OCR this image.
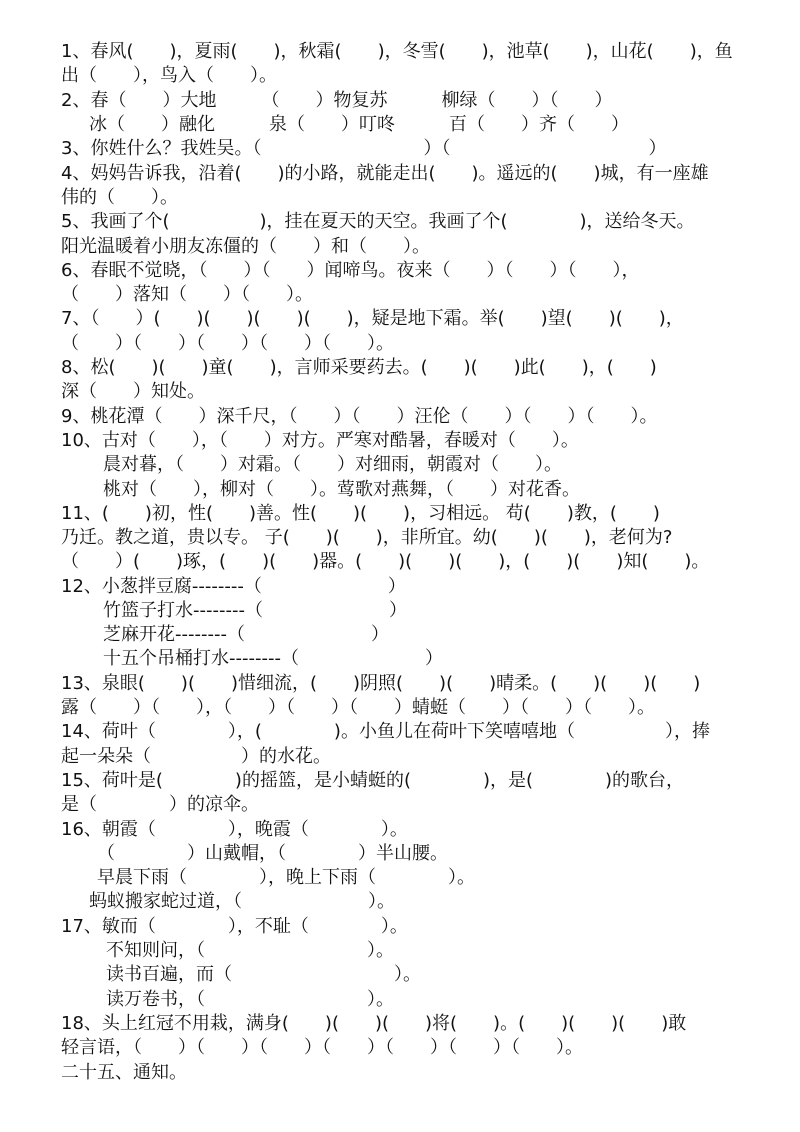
1、春风(　　)，夏雨(　　)，秋霜(　　)，冬雪(　　)，池草(　　)，山花(　　)，鱼
出（　　），鸟入（　　）。
2、春（　　）大地　　　（　　）物复苏　　　柳绿（　　）（　　）
冰（　　）融化　　　泉（　　）叮咚　　　百（　　）齐（　　）
3、你姓什么？我姓吴。（　　　　　　　　　）（　　　　　　　　　　　）
4、妈妈告诉我，沿着(　　)的小路，就能走出(　　)。遥远的(　　)城，有一座雄
伟的（　　）。
5、我画了个(　　　　　)，挂在夏天的天空。我画了个(　　　　)，送给冬天。
阳光温暖着小朋友冻僵的（　　）和（　　）。
6、春眠不觉晓，（　　）（　　）闻啼鸟。夜来（　　）（　　）（　　），
（　　）落知（　　）（　　）。
7、（　　）(　　)(　　)(　　)(　　)，疑是地下霜。举(　　)望(　　)(　　)，
（　　）（　　）（　　）（　　）（　　）。
8、松(　　)(　　)童(　　)，言师采要药去。(　　)(　　)此(　　)，(　　)
深（　　）知处。
9、桃花潭（　　）深千尺，（　　）（　　）汪伦（　　）（　　）（　　）。
10、古对（　　），（　　）对方。严寒对酷暑，春暖对（　　）。
晨对暮，（　　）对霜。（　　）对细雨，朝霞对（　　）。
桃对（　　），柳对（　　）。莺歌对燕舞，（　　）对花香。
11、(　　)初，性(　　)善。性(　　)(　　)，习相远。 苟(　　)教，(　　)
乃迁。教之道，贵以专。 子(　　)(　　)，非所宜。幼(　　)(　　)，老何为?
（　　）(　　)琢，(　　)(　　)器。(　　)(　　)(　　)，(　　)(　　)知(　　)。
12、小葱拌豆腐--------（　　　　　　　）
竹篮子打水--------（　　　　　　　）
芝麻开花--------（　　　　　　　）
十五个吊桶打水--------（　　　　　　　）
13、泉眼(　　)(　　)惜细流，(　　)阴照(　　)(　　)晴柔。(　　)(　　)(　　)
露（　　）（　　），（　　）（　　）（　　）蜻蜓（　　）（　　）（　　）。
14、荷叶（　　　　），(　　　　)。小鱼儿在荷叶下笑嘻嘻地（　　　　　），捧
起一朵朵（　　　　　）的水花。
15、荷叶是(　　　　)的摇篮，是小蜻蜓的(　　　　)，是(　　　　)的歌台，
是（　　　　）的凉伞。
16、朝霞（　　　　），晚霞（　　　　）。
（　　　　）山戴帽，（　　　　）半山腰。
早晨下雨（　　　　），晚上下雨（　　　　）。
蚂蚁搬家蛇过道，（　　　　　　　）。
17、敏而（　　　　），不耻（　　　　）。
不知则问，（　　　　　　　　　）。
读书百遍，而（　　　　　　　　　）。
读万卷书，（　　　　　　　　　）。
18、头上红冠不用栽，满身(　　)(　　)(　　)将(　　)。(　　)(　　)(　　)敢
轻言语，（　　）（　　）（　　）（　　）（　　）（　　）（　　）。
二十五、通知。
